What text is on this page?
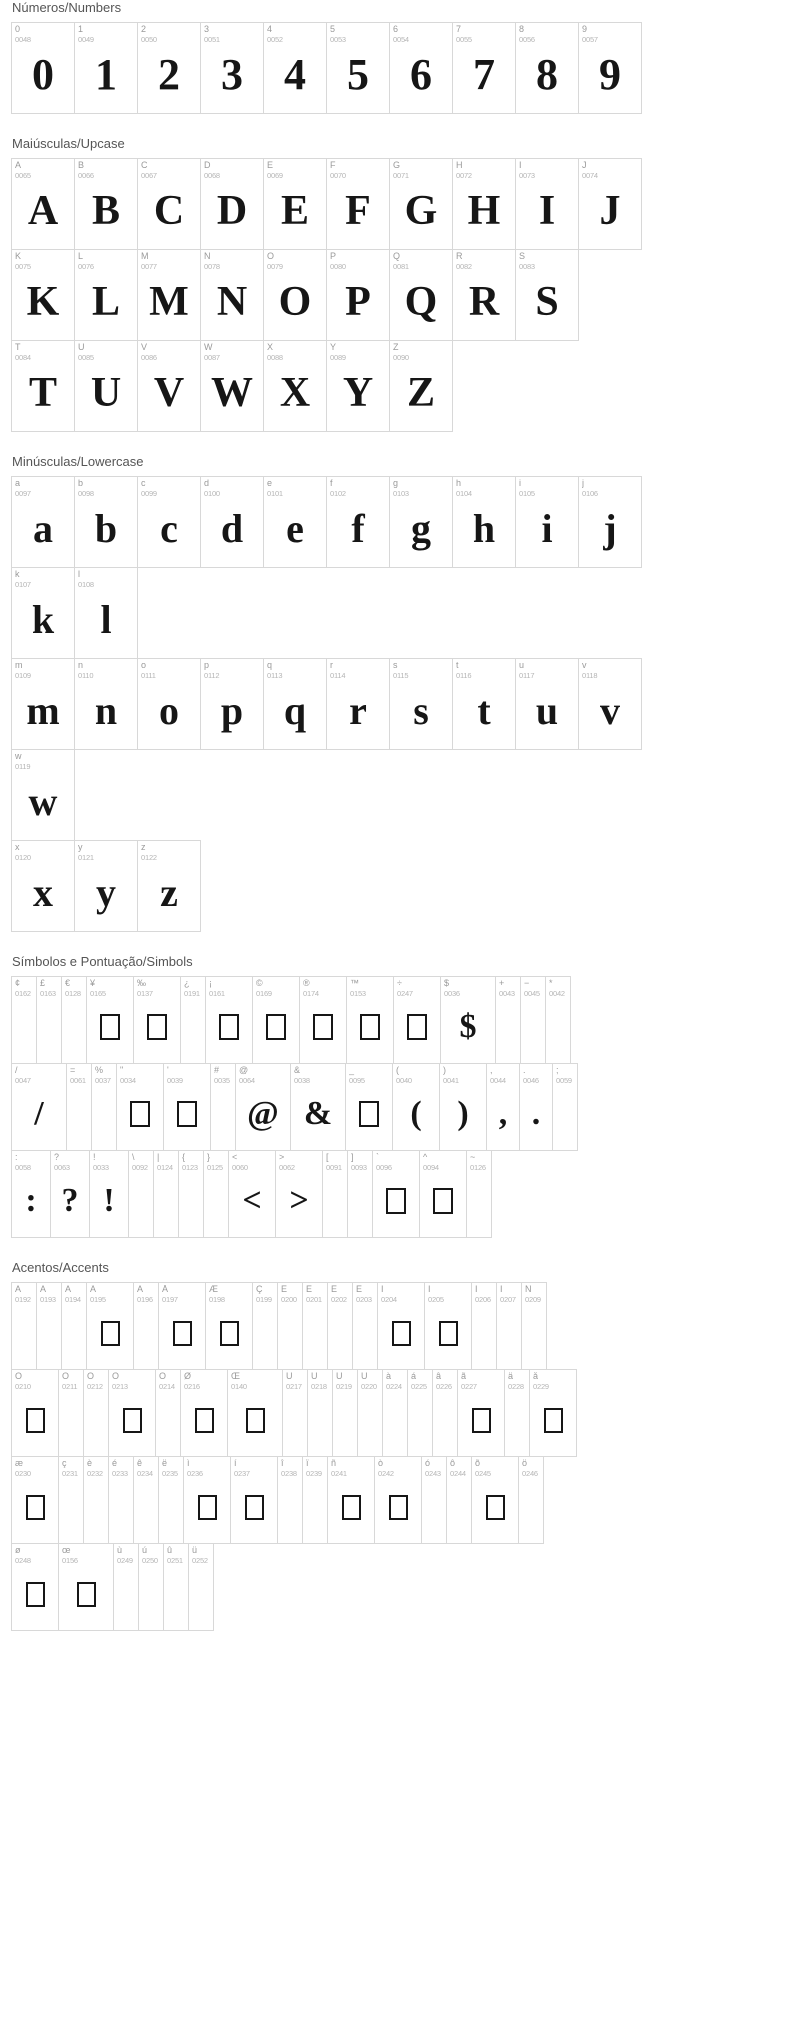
Números/Numbers
0
0048
0
1
0049
1
2
0050
2
3
0051
3
4
0052
4
5
0053
5
6
0054
6
7
0055
7
8
0056
8
9
0057
9
Maiúsculas/Upcase
A
0065
A
B
0066
B
C
0067
C
D
0068
D
E
0069
E
F
0070
F
G
0071
G
H
0072
H
I
0073
I
J
0074
J
K
0075
K
L
0076
L
M
0077
M
N
0078
N
O
0079
O
P
0080
P
Q
0081
Q
R
0082
R
S
0083
S
T
0084
T
U
0085
U
V
0086
V
W
0087
W
X
0088
X
Y
0089
Y
Z
0090
Z
Minúsculas/Lowercase
a
0097
a
b
0098
b
c
0099
c
d
0100
d
e
0101
e
f
0102
f
g
0103
g
h
0104
h
i
0105
i
j
0106
j
k
0107
k
l
0108
l
m
0109
m
n
0110
n
o
0111
o
p
0112
p
q
0113
q
r
0114
r
s
0115
s
t
0116
t
u
0117
u
v
0118
v
w
0119
w
x
0120
x
y
0121
y
z
0122
z
Símbolos e Pontuação/Simbols
¢
0162
£
0163
€
0128
¥
0165
‰
0137
¿
0191
¡
0161
©
0169
®
0174
™
0153
÷
0247
$
0036
$
+
0043
−
0045
*
0042
/
0047
/
=
0061
%
0037
"
0034
'
0039
#
0035
@
0064
@
&
0038
&
_
0095
(
0040
(
)
0041
)
,
0044
,
.
0046
.
;
0059
:
0058
:
?
0063
?
!
0033
!
\
0092
|
0124
{
0123
}
0125
<
0060
<
>
0062
>
[
0091
]
0093
`
0096
^
0094
~
0126
Acentos/Accents
À
0192
Á
0193
Â
0194
Ã
0195
Ä
0196
Å
0197
Æ
0198
Ç
0199
È
0200
É
0201
Ê
0202
Ë
0203
Ì
0204
Í
0205
Î
0206
Ï
0207
Ñ
0209
Ò
0210
Ó
0211
Ô
0212
Õ
0213
Ö
0214
Ø
0216
Œ
0140
Ù
0217
Ú
0218
Û
0219
Ü
0220
à
0224
á
0225
â
0226
ã
0227
ä
0228
å
0229
æ
0230
ç
0231
è
0232
é
0233
ê
0234
ë
0235
ì
0236
í
0237
î
0238
ï
0239
ñ
0241
ò
0242
ó
0243
ô
0244
õ
0245
ö
0246
ø
0248
œ
0156
ù
0249
ú
0250
û
0251
ü
0252
